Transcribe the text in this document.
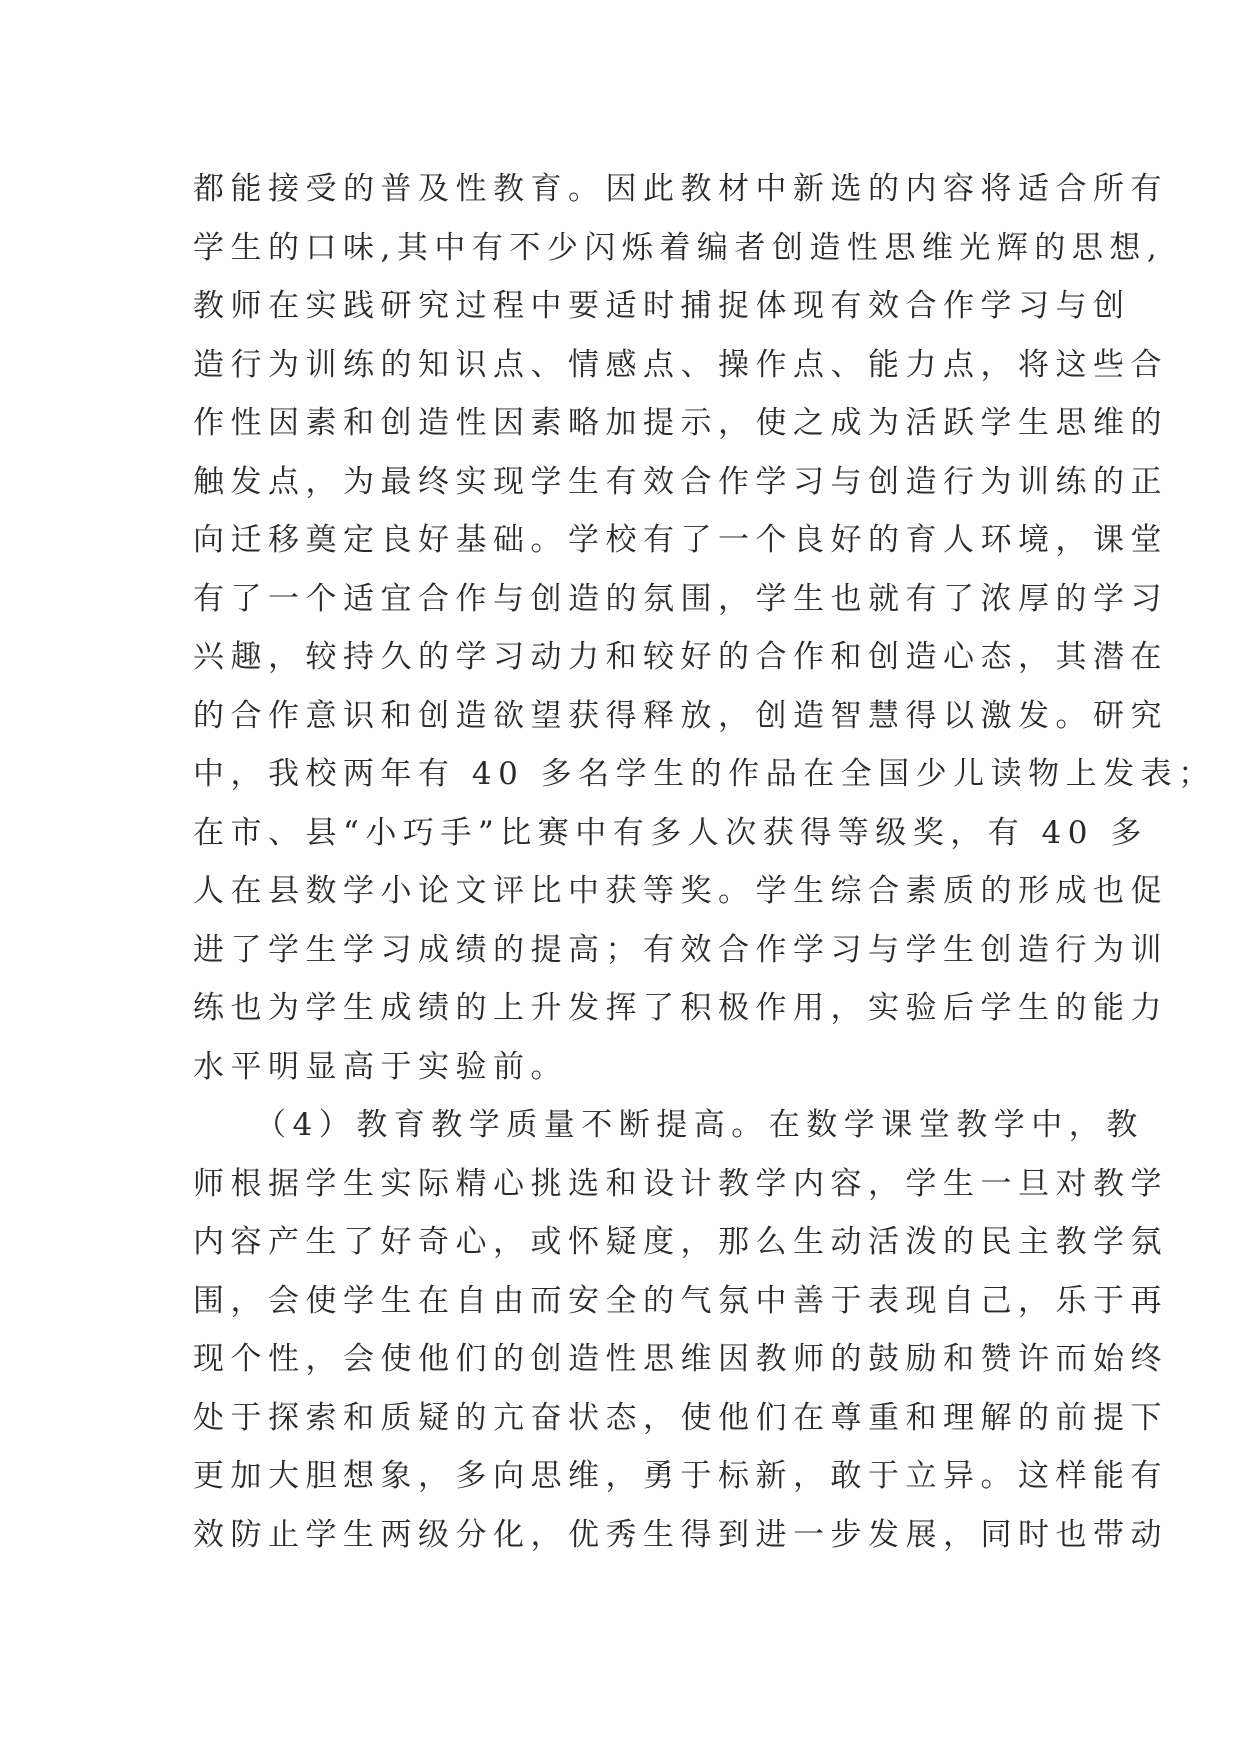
都能接受的普及性教育。因此教材中新选的内容将适合所有
学生的口味,其中有不少闪烁着编者创造性思维光辉的思想,
教师在实践研究过程中要适时捕捉体现有效合作学习与创
造行为训练的知识点、情感点、操作点、能力点，将这些合
作性因素和创造性因素略加提示，使之成为活跃学生思维的
触发点，为最终实现学生有效合作学习与创造行为训练的正
向迁移奠定良好基础。学校有了一个良好的育人环境，课堂
有了一个适宜合作与创造的氛围，学生也就有了浓厚的学习
兴趣，较持久的学习动力和较好的合作和创造心态，其潜在
的合作意识和创造欲望获得释放，创造智慧得以激发。研究
中，我校两年有 40 多名学生的作品在全国少儿读物上发表；
在市、县“小巧手”比赛中有多人次获得等级奖，有 40 多
人在县数学小论文评比中获等奖。学生综合素质的形成也促
进了学生学习成绩的提高；有效合作学习与学生创造行为训
练也为学生成绩的上升发挥了积极作用，实验后学生的能力
水平明显高于实验前。
（4）教育教学质量不断提高。在数学课堂教学中，教
师根据学生实际精心挑选和设计教学内容，学生一旦对教学
内容产生了好奇心，或怀疑度，那么生动活泼的民主教学氛
围，会使学生在自由而安全的气氛中善于表现自己，乐于再
现个性，会使他们的创造性思维因教师的鼓励和赞许而始终
处于探索和质疑的亢奋状态，使他们在尊重和理解的前提下
更加大胆想象，多向思维，勇于标新，敢于立异。这样能有
效防止学生两级分化，优秀生得到进一步发展，同时也带动
